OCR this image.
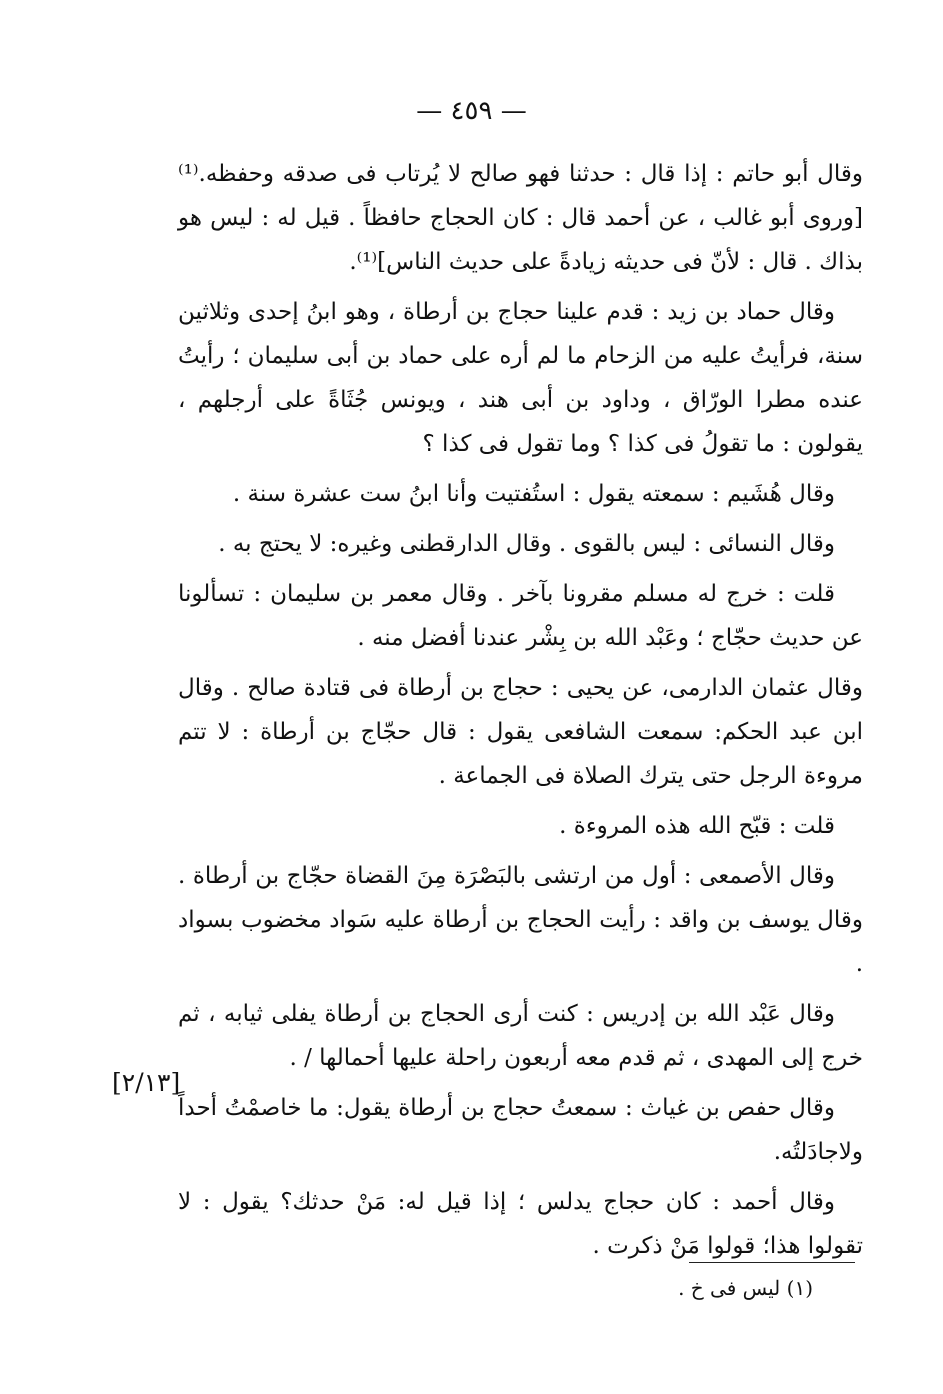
— ٤٥٩ —

وقال أبو حاتم : إذا قال : حدثنا فهو صالح لا يُرتاب فى صدقه وحفظه.⁽¹⁾[وروى أبو غالب ، عن أحمد قال : كان الحجاج حافظاً . قيل له : ليس هو بذاك . قال : لأنّ فى حديثه زيادةً على حديث الناس]⁽¹⁾.

وقال حماد بن زيد : قدم علينا حجاج بن أرطاة ، وهو ابنُ إحدى وثلاثين سنة، فرأيتُ عليه من الزحام ما لم أره على حماد بن أبى سليمان ؛ رأيتُ عنده مطرا الورّاق ، وداود بن أبى هند ، ويونس جُثَاةً على أرجلهم ، يقولون : ما تقولُ فى كذا ؟ وما تقول فى كذا ؟

وقال هُشَيم : سمعته يقول : استُفتيت وأنا ابنُ ست عشرة سنة .

وقال النسائى : ليس بالقوى . وقال الدارقطنى وغيره: لا يحتج به .

قلت : خرج له مسلم مقرونا بآخر . وقال معمر بن سليمان : تسألونا عن حديث حجّاج ؛ وعَبْد الله بن بِشْر عندنا أفضل منه .

وقال عثمان الدارمى، عن يحيى : حجاج بن أرطاة فى قتادة صالح . وقال ابن عبد الحكم: سمعت الشافعى يقول : قال حجّاج بن أرطاة : لا تتم مروءة الرجل حتى يترك الصلاة فى الجماعة .

قلت : قبّح الله هذه المروءة .

وقال الأصمعى : أول من ارتشى بالبَصْرَة مِنَ القضاة حجّاج بن أرطاة . وقال يوسف بن واقد : رأيت الحجاج بن أرطاة عليه سَواد مخضوب بسواد .

وقال عَبْد الله بن إدريس : كنت أرى الحجاج بن أرطاة يفلى ثيابه ، ثم خرج إلى المهدى ، ثم قدم معه أربعون راحلة عليها أحمالها / .

وقال حفص بن غياث : سمعتُ حجاج بن أرطاة يقول: ما خاصمْتُ أحداً ولاجادَلتُه.

وقال أحمد : كان حجاج يدلس ؛ إذا قيل له: مَنْ حدثك؟ يقول : لا تقولوا هذا؛ قولوا مَنْ ذكرت .

[٢/١٣]
(١) ليس فى خ .
